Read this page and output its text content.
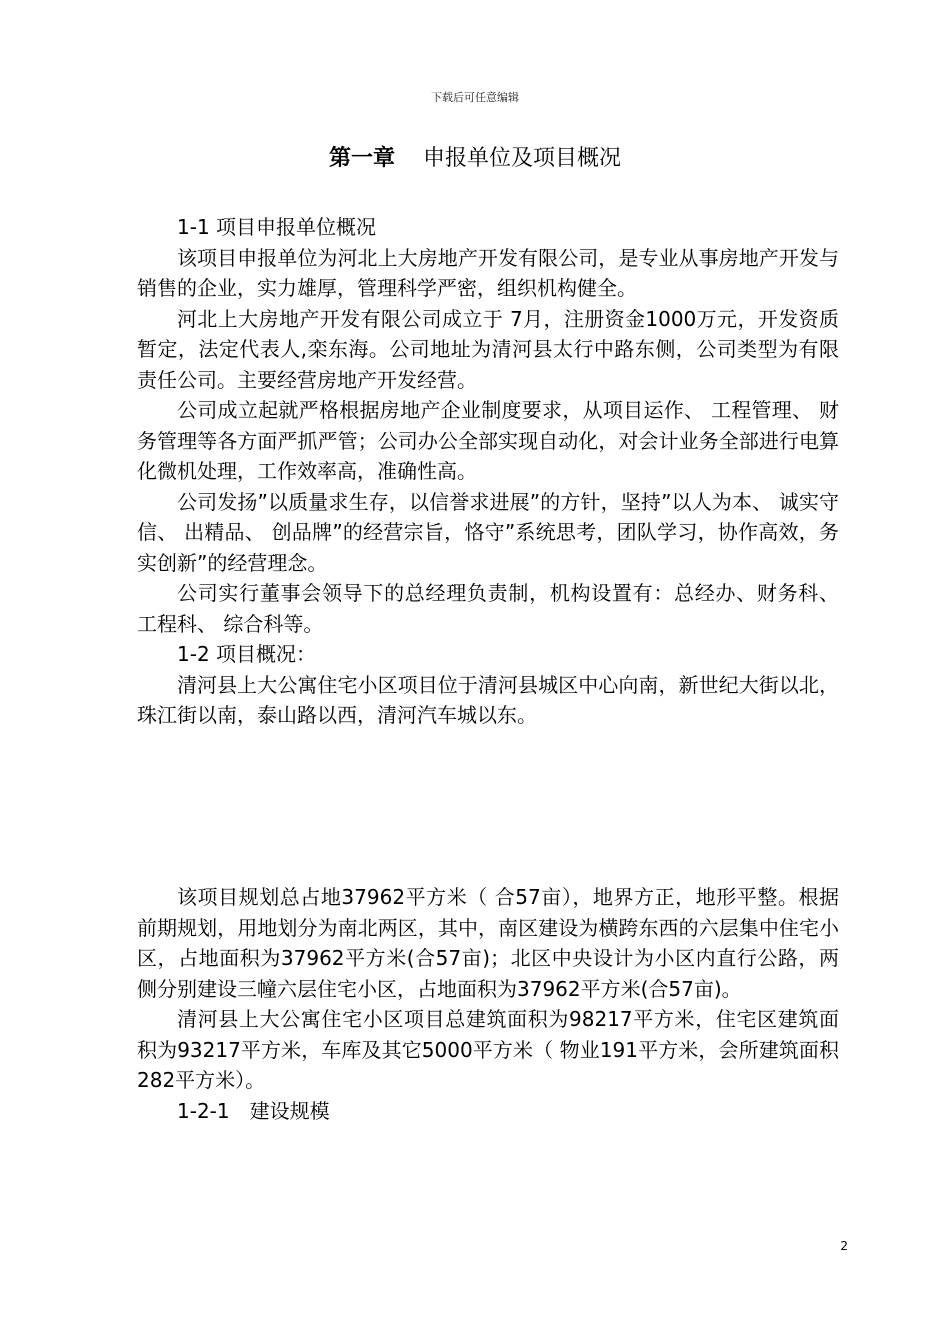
下载后可任意编辑
第一章 申报单位及项目概况

1-1 项目申报单位概况

该项目申报单位为河北上大房地产开发有限公司，是专业从事房地产开发与销售的企业，实力雄厚，管理科学严密，组织机构健全。

河北上大房地产开发有限公司成立于 7月，注册资金1000万元，开发资质暂定，法定代表人,栾东海。公司地址为清河县太行中路东侧，公司类型为有限责任公司。主要经营房地产开发经营。

公司成立起就严格根据房地产企业制度要求，从项目运作、 工程管理、 财务管理等各方面严抓严管；公司办公全部实现自动化，对会计业务全部进行电算化微机处理，工作效率高，准确性高。

公司发扬”以质量求生存，以信誉求进展”的方针，坚持”以人为本、 诚实守信、 出精品、 创品牌”的经营宗旨，恪守”系统思考，团队学习，协作高效，务实创新”的经营理念。

公司实行董事会领导下的总经理负责制，机构设置有：总经办、财务科、 工程科、 综合科等。

1-2 项目概况：

清河县上大公寓住宅小区项目位于清河县城区中心向南，新世纪大街以北，珠江街以南，泰山路以西，清河汽车城以东。

该项目规划总占地37962平方米（ 合57亩），地界方正，地形平整。根据前期规划，用地划分为南北两区，其中，南区建设为横跨东西的六层集中住宅小区，占地面积为37962平方米(合57亩)；北区中央设计为小区内直行公路，两侧分别建设三幢六层住宅小区，占地面积为37962平方米(合57亩)。

清河县上大公寓住宅小区项目总建筑面积为98217平方米，住宅区建筑面积为93217平方米，车库及其它5000平方米（ 物业191平方米，会所建筑面积282平方米）。

1-2-1　建设规模

2
